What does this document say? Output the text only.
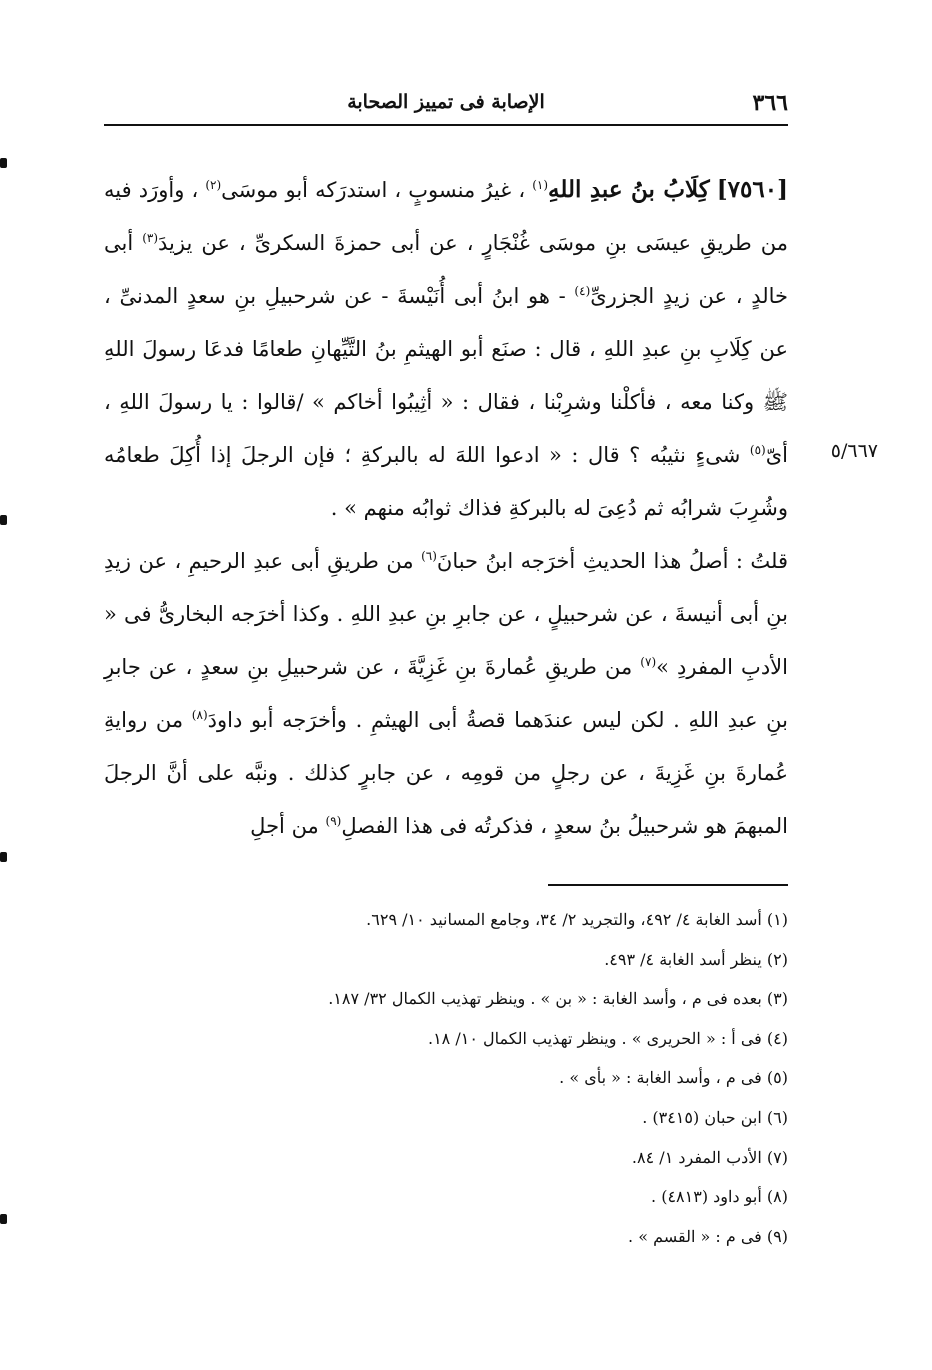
٣٦٦
الإصابة فى تمييز الصحابة

[٧٥٦٠] كِلَابُ بنُ عبدِ اللهِ$^{(١)}$ ، غيرُ منسوبٍ ، استدرَكه أبو موسَى$^{(٢)}$ ، وأورَد فيه من طريقِ عيسَى بنِ موسَى غُنْجَارٍ ، عن أبى حمزةَ السكرىِّ ، عن يزيدَ$^{(٣)}$ أبى خالدٍ ، عن زيدٍ الجزرىِّ$^{(٤)}$ - هو ابنُ أبى أُنَيْسةَ - عن شرحبيلِ بنِ سعدٍ المدنىِّ ، عن كِلَابِ بنِ عبدِ اللهِ ، قال : صنَع أبو الهيثمِ بنُ التَّيِّهانِ طعامًا فدعَا رسولَ اللهِ ﷺ وكنا معه ، فأكلْنا وشرِبْنا ، فقال : « أثِيبُوا أخاكم » /قالوا : يا رسولَ اللهِ ، أىّ$^{(٥)}$ شىءٍ نثيبُه ؟ قال : « ادعوا اللهَ له بالبركةِ ؛ فإن الرجلَ إذا أُكِلَ طعامُه وشُرِبَ شرابُه ثم دُعِىَ له بالبركةِ فذاك ثوابُه منهم » .

قلتُ : أصلُ هذا الحديثِ أخرَجه ابنُ حبانَ$^{(٦)}$ من طريقِ أبى عبدِ الرحيمِ ، عن زيدِ بنِ أبى أنيسةَ ، عن شرحبيلٍ ، عن جابرِ بنِ عبدِ اللهِ . وكذا أخرَجه البخارىُّ فى « الأدبِ المفردِ »$^{(٧)}$ من طريقِ عُمارةَ بنِ غَزِيَّةَ ، عن شرحبيلِ بنِ سعدٍ ، عن جابرِ بنِ عبدِ اللهِ . لكن ليس عندَهما قصةُ أبى الهيثمِ . وأخرَجه أبو داودَ$^{(٨)}$ من روايةِ عُمارةَ بنِ غَزِيةَ ، عن رجلٍ من قومِه ، عن جابرٍ كذلك . ونبَّه على أنَّ الرجلَ المبهمَ هو شرحبيلُ بنُ سعدٍ ، فذكرتُه فى هذا الفصلِ$^{(٩)}$ من أجلِ

٥/٦٦٧
(١) أسد الغابة ٤/ ٤٩٢، والتجريد ٢/ ٣٤، وجامع المسانيد ١٠/ ٦٢٩.
(٢) ينظر أسد الغابة ٤/ ٤٩٣.
(٣) بعده فى م ، وأسد الغابة : « بن » . وينظر تهذيب الكمال ٣٢/ ١٨٧.
(٤) فى أ : « الحريرى » . وينظر تهذيب الكمال ١٠/ ١٨.
(٥) فى م ، وأسد الغابة : « بأى » .
(٦) ابن حبان (٣٤١٥) .
(٧) الأدب المفرد ١/ ٨٤.
(٨) أبو داود (٤٨١٣) .
(٩) فى م : « القسم » .
